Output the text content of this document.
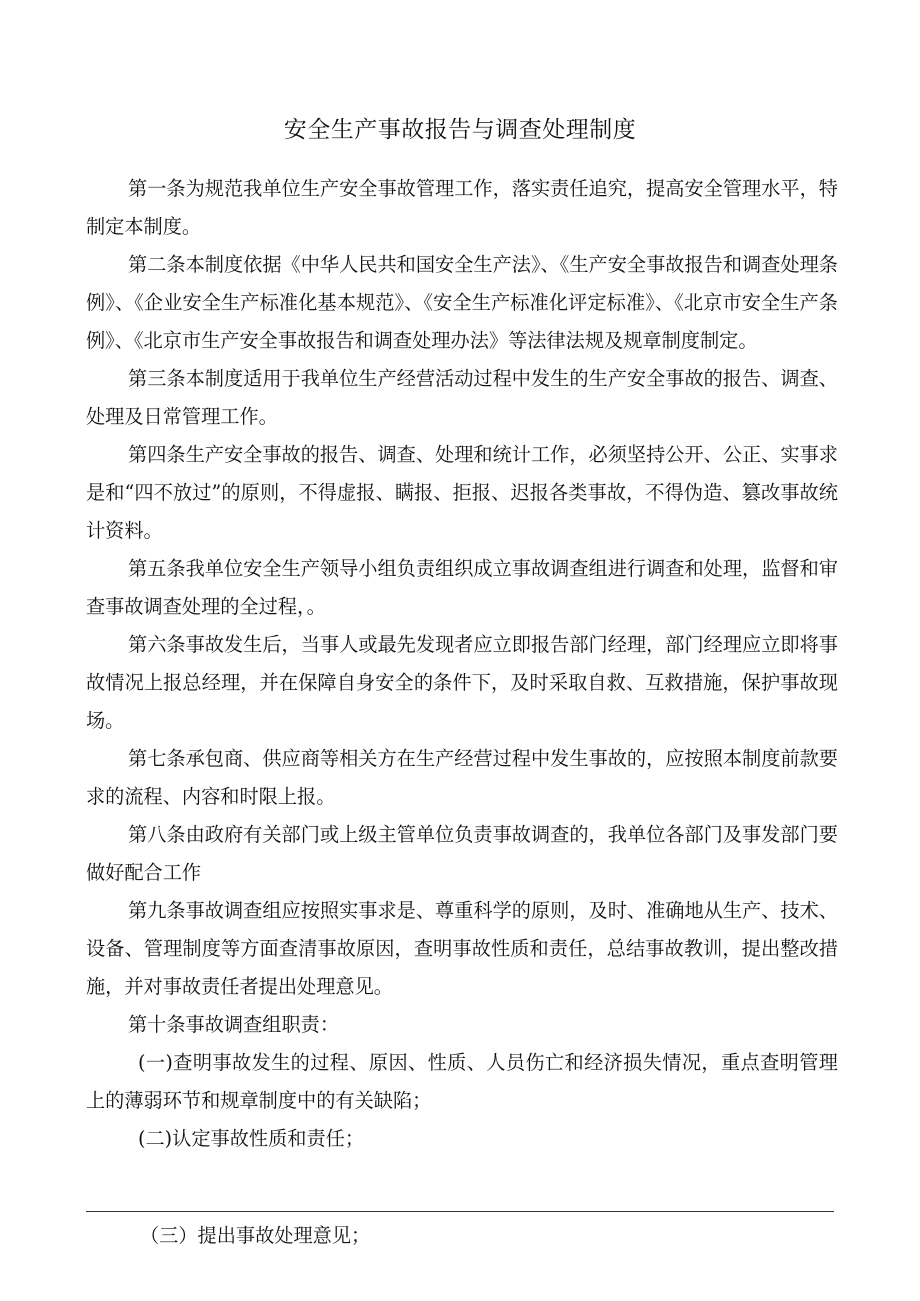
安全生产事故报告与调查处理制度

第一条为规范我单位生产安全事故管理工作，落实责任追究，提高安全管理水平，特制定本制度。

第二条本制度依据《中华人民共和国安全生产法》、《生产安全事故报告和调查处理条例》、《企业安全生产标准化基本规范》、《安全生产标准化评定标准》、《北京市安全生产条例》、《北京市生产安全事故报告和调查处理办法》等法律法规及规章制度制定。

第三条本制度适用于我单位生产经营活动过程中发生的生产安全事故的报告、调查、处理及日常管理工作。

第四条生产安全事故的报告、调查、处理和统计工作，必须坚持公开、公正、实事求是和“四不放过”的原则，不得虚报、瞒报、拒报、迟报各类事故，不得伪造、篡改事故统计资料。

第五条我单位安全生产领导小组负责组织成立事故调查组进行调查和处理，监督和审查事故调查处理的全过程，。

第六条事故发生后，当事人或最先发现者应立即报告部门经理，部门经理应立即将事故情况上报总经理，并在保障自身安全的条件下，及时采取自救、互救措施，保护事故现场。

第七条承包商、供应商等相关方在生产经营过程中发生事故的，应按照本制度前款要求的流程、内容和时限上报。

第八条由政府有关部门或上级主管单位负责事故调查的，我单位各部门及事发部门要做好配合工作

第九条事故调查组应按照实事求是、尊重科学的原则，及时、准确地从生产、技术、设备、管理制度等方面查清事故原因，查明事故性质和责任，总结事故教训，提出整改措施，并对事故责任者提出处理意见。

第十条事故调查组职责：

(一)查明事故发生的过程、原因、性质、人员伤亡和经济损失情况，重点查明管理上的薄弱环节和规章制度中的有关缺陷；

(二)认定事故性质和责任；

（三）提出事故处理意见；
